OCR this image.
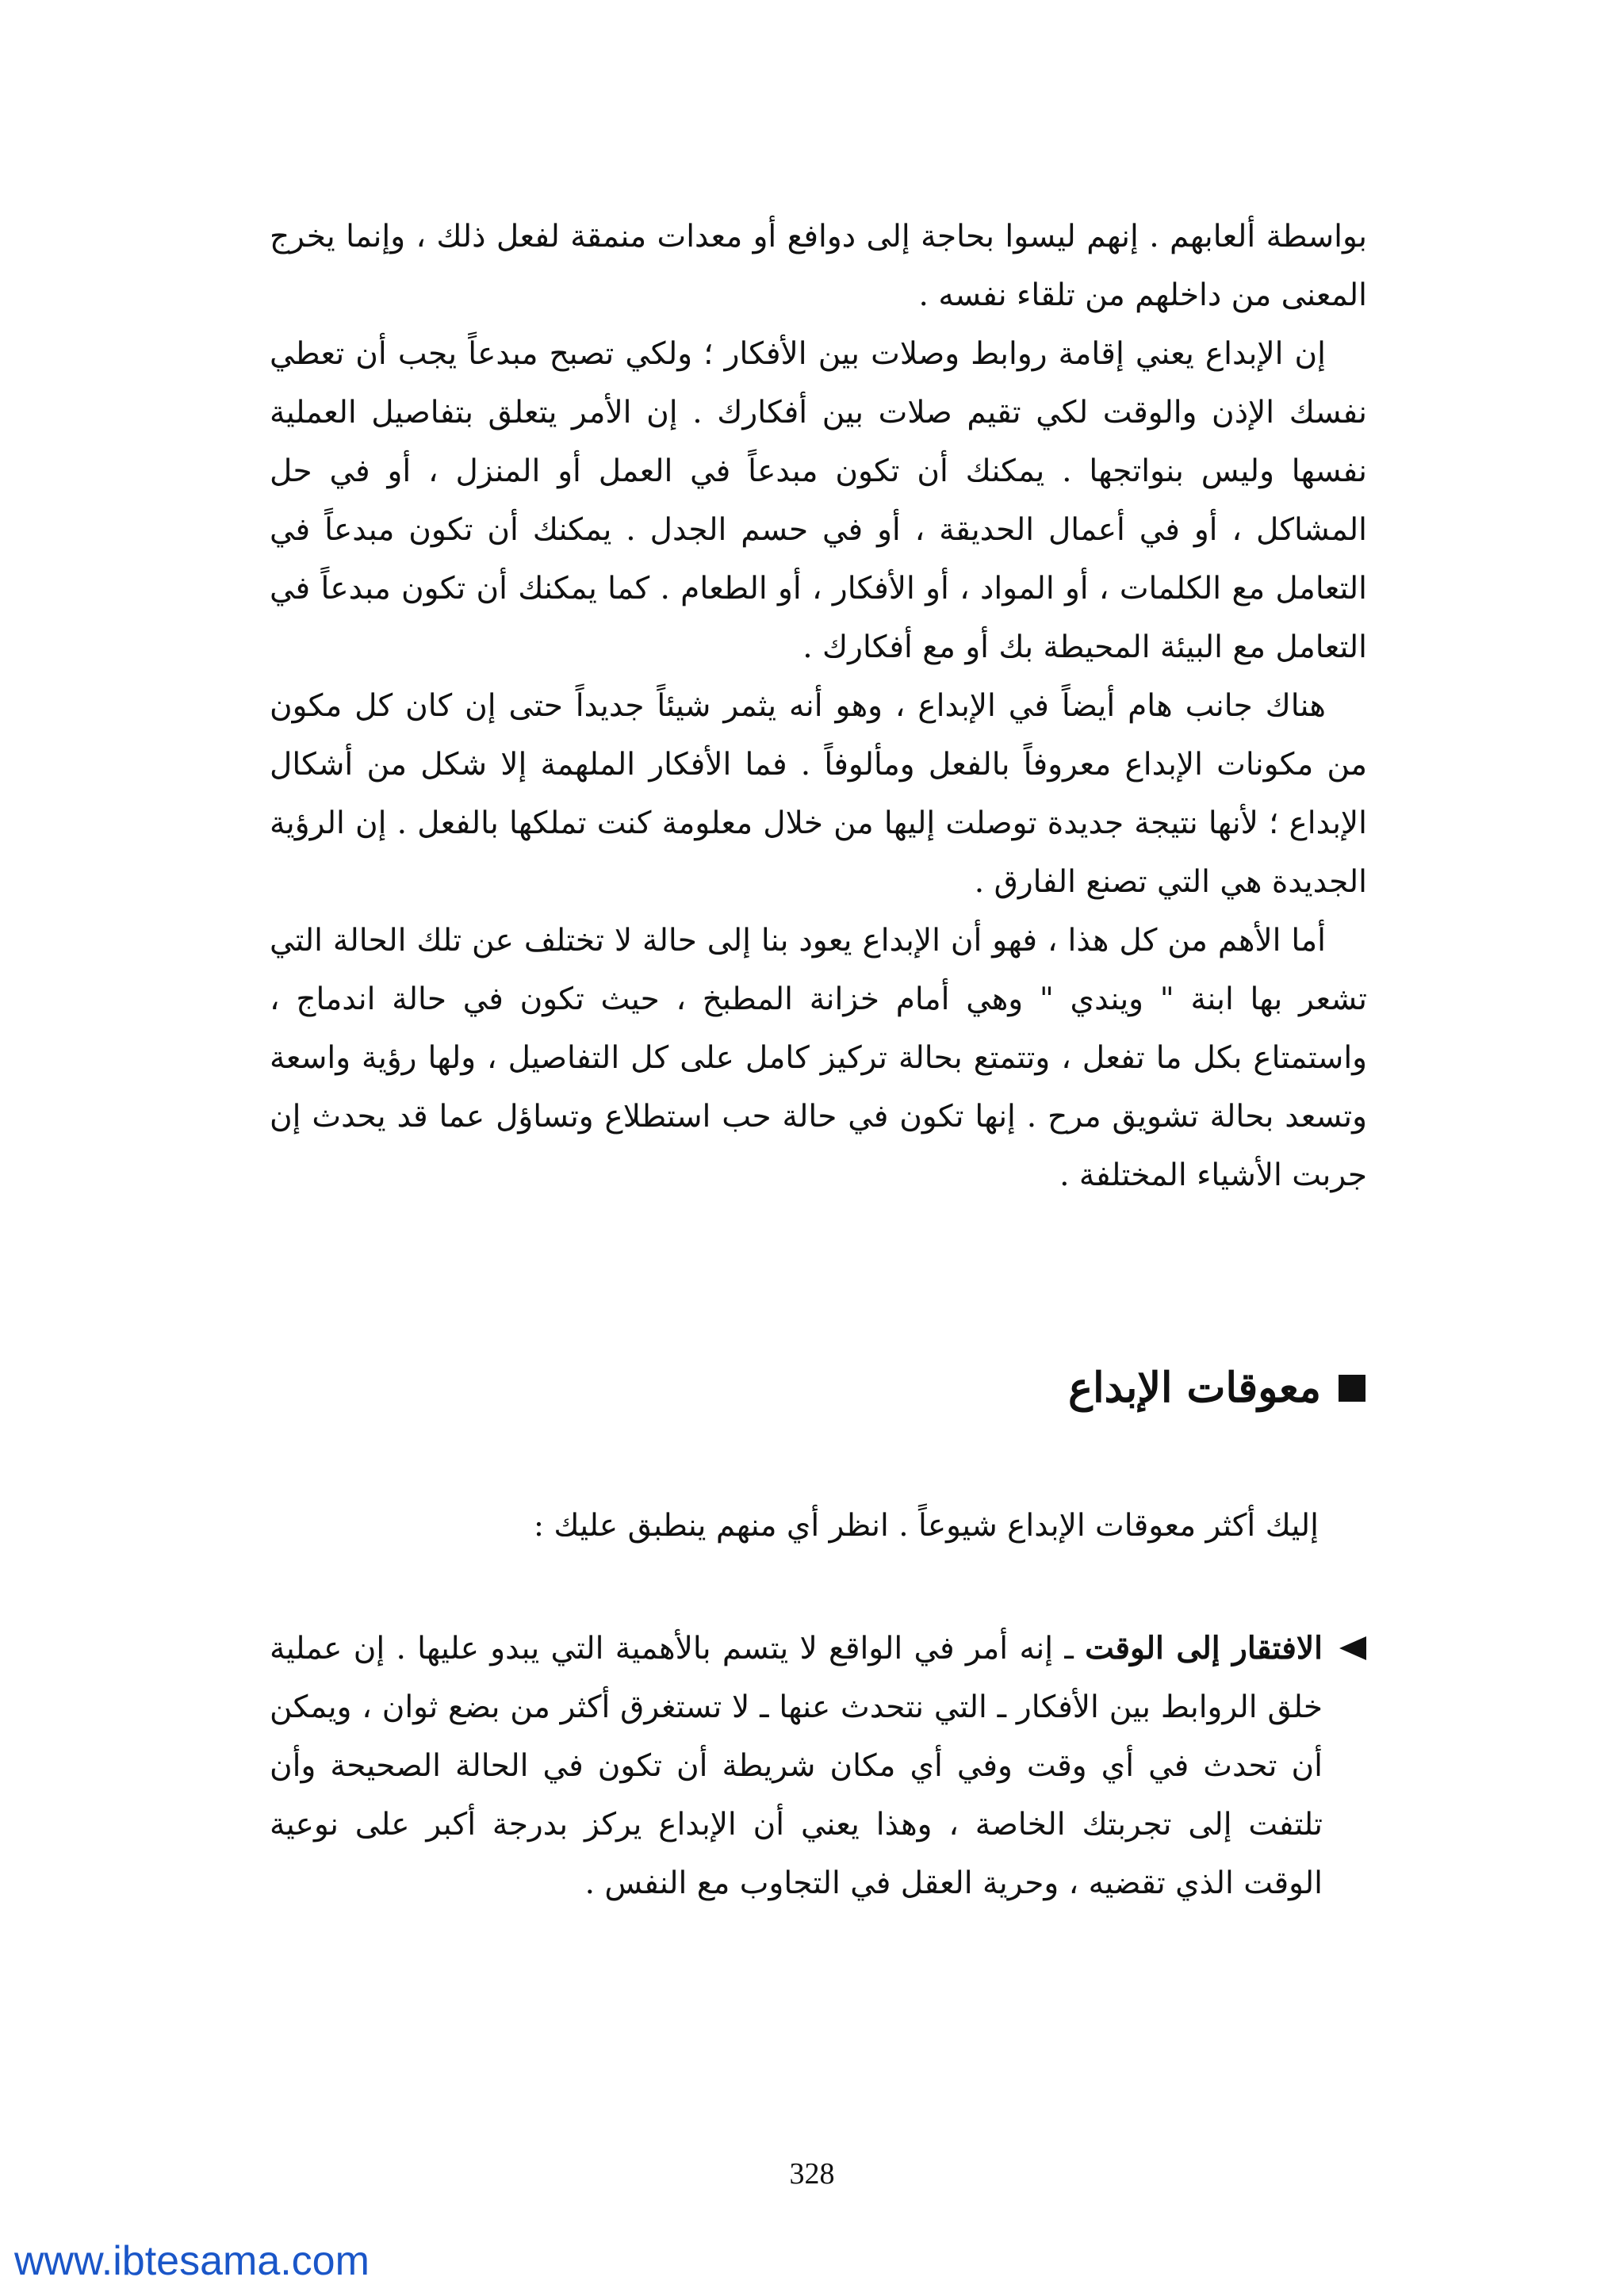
بواسطة ألعابهم . إنهم ليسوا بحاجة إلى دوافع أو معدات منمقة لفعل ذلك ، وإنما يخرج المعنى من داخلهم من تلقاء نفسه .

إن الإبداع يعني إقامة روابط وصلات بين الأفكار ؛ ولكي تصبح مبدعاً يجب أن تعطي نفسك الإذن والوقت لكي تقيم صلات بين أفكارك . إن الأمر يتعلق بتفاصيل العملية نفسها وليس بنواتجها . يمكنك أن تكون مبدعاً في العمل أو المنزل ، أو في حل المشاكل ، أو في أعمال الحديقة ، أو في حسم الجدل . يمكنك أن تكون مبدعاً في التعامل مع الكلمات ، أو المواد ، أو الأفكار ، أو الطعام . كما يمكنك أن تكون مبدعاً في التعامل مع البيئة المحيطة بك أو مع أفكارك .

هناك جانب هام أيضاً في الإبداع ، وهو أنه يثمر شيئاً جديداً حتى إن كان كل مكون من مكونات الإبداع معروفاً بالفعل ومألوفاً . فما الأفكار الملهمة إلا شكل من أشكال الإبداع ؛ لأنها نتيجة جديدة توصلت إليها من خلال معلومة كنت تملكها بالفعل . إن الرؤية الجديدة هي التي تصنع الفارق .

أما الأهم من كل هذا ، فهو أن الإبداع يعود بنا إلى حالة لا تختلف عن تلك الحالة التي تشعر بها ابنة " ويندي " وهي أمام خزانة المطبخ ، حيث تكون في حالة اندماج ، واستمتاع بكل ما تفعل ، وتتمتع بحالة تركيز كامل على كل التفاصيل ، ولها رؤية واسعة وتسعد بحالة تشويق مرح . إنها تكون في حالة حب استطلاع وتساؤل عما قد يحدث إن جربت الأشياء المختلفة .

معوقات الإبداع

إليك أكثر معوقات الإبداع شيوعاً . انظر أي منهم ينطبق عليك :

الافتقار إلى الوقت ـ إنه أمر في الواقع لا يتسم بالأهمية التي يبدو عليها . إن عملية خلق الروابط بين الأفكار ـ التي نتحدث عنها ـ لا تستغرق أكثر من بضع ثوان ، ويمكن أن تحدث في أي وقت وفي أي مكان شريطة أن تكون في الحالة الصحيحة وأن تلتفت إلى تجربتك الخاصة ، وهذا يعني أن الإبداع يركز بدرجة أكبر على نوعية الوقت الذي تقضيه ، وحرية العقل في التجاوب مع النفس .

328

www.ibtesama.com
